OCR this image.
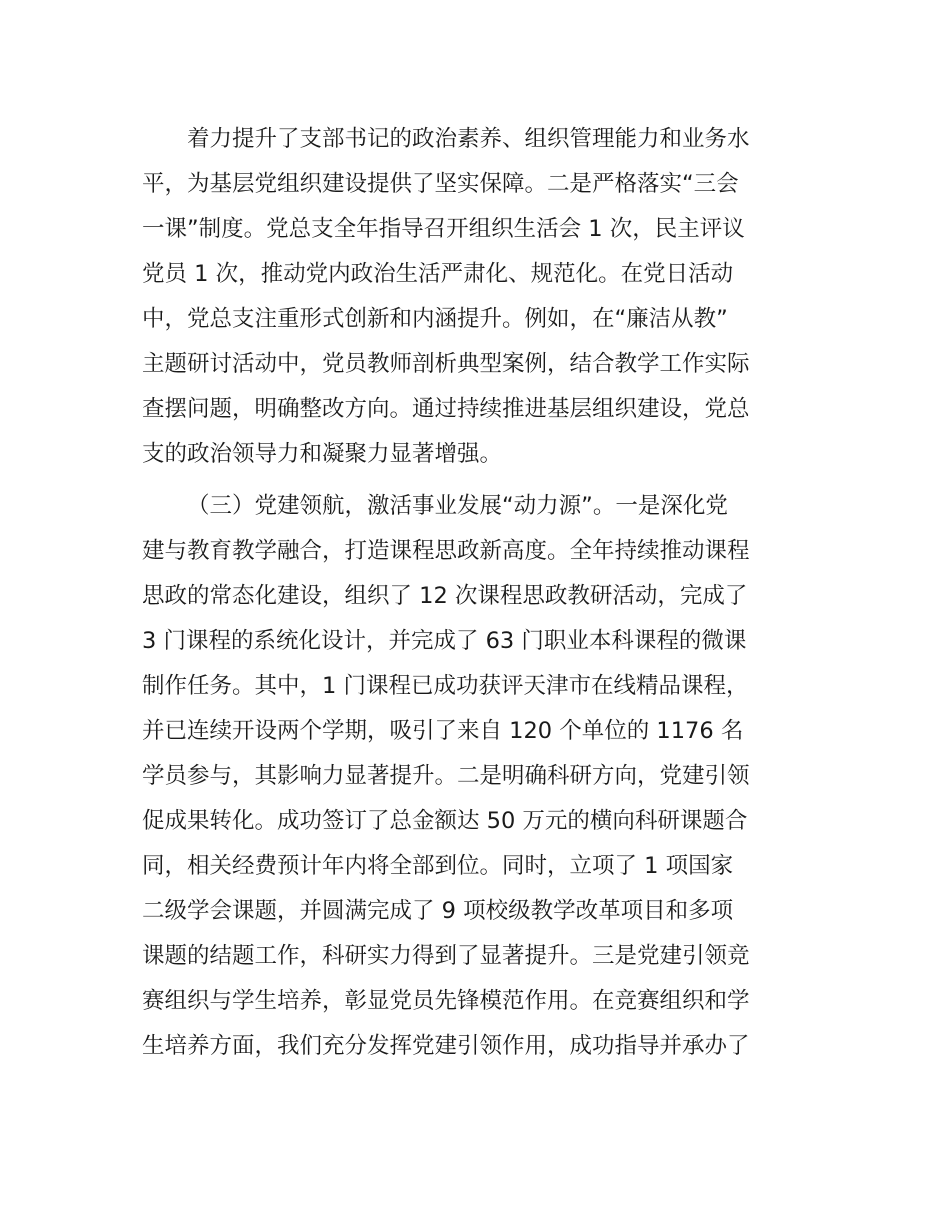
着力提升了支部书记的政治素养、组织管理能力和业务水
平，为基层党组织建设提供了坚实保障。二是严格落实“三会
一课”制度。党总支全年指导召开组织生活会 1 次，民主评议
党员 1 次，推动党内政治生活严肃化、规范化。在党日活动
中，党总支注重形式创新和内涵提升。例如，在“廉洁从教”
主题研讨活动中，党员教师剖析典型案例，结合教学工作实际
查摆问题，明确整改方向。通过持续推进基层组织建设，党总
支的政治领导力和凝聚力显著增强。
（三）党建领航，激活事业发展“动力源”。一是深化党
建与教育教学融合，打造课程思政新高度。全年持续推动课程
思政的常态化建设，组织了 12 次课程思政教研活动，完成了
3 门课程的系统化设计，并完成了 63 门职业本科课程的微课
制作任务。其中，1 门课程已成功获评天津市在线精品课程，
并已连续开设两个学期，吸引了来自 120 个单位的 1176 名
学员参与，其影响力显著提升。二是明确科研方向，党建引领
促成果转化。成功签订了总金额达 50 万元的横向科研课题合
同，相关经费预计年内将全部到位。同时，立项了 1 项国家
二级学会课题，并圆满完成了 9 项校级教学改革项目和多项
课题的结题工作，科研实力得到了显著提升。三是党建引领竞
赛组织与学生培养，彰显党员先锋模范作用。在竞赛组织和学
生培养方面，我们充分发挥党建引领作用，成功指导并承办了
